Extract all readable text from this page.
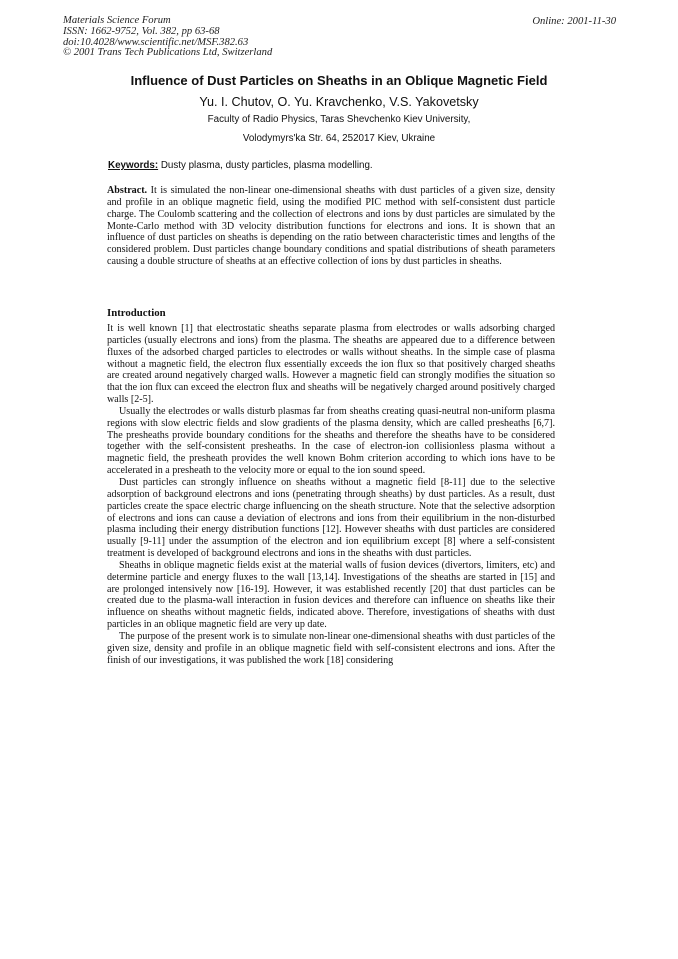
Materials Science Forum
ISSN: 1662-9752, Vol. 382, pp 63-68
doi:10.4028/www.scientific.net/MSF.382.63
© 2001 Trans Tech Publications Ltd, Switzerland
Online: 2001-11-30
Influence of Dust Particles on Sheaths in an Oblique Magnetic Field
Yu. I. Chutov, O. Yu. Kravchenko, V.S. Yakovetsky
Faculty of Radio Physics, Taras Shevchenko Kiev University,
Volodymyrs'ka Str. 64, 252017 Kiev, Ukraine
Keywords: Dusty plasma, dusty particles, plasma modelling.
Abstract. It is simulated the non-linear one-dimensional sheaths with dust particles of a given size, density and profile in an oblique magnetic field, using the modified PIC method with self-consistent dust particle charge. The Coulomb scattering and the collection of electrons and ions by dust particles are simulated by the Monte-Carlo method with 3D velocity distribution functions for electrons and ions. It is shown that an influence of dust particles on sheaths is depending on the ratio between characteristic times and lengths of the considered problem. Dust particles change boundary conditions and spatial distributions of sheath parameters causing a double structure of sheaths at an effective collection of ions by dust particles in sheaths.
Introduction

It is well known [1] that electrostatic sheaths separate plasma from electrodes or walls adsorbing charged particles (usually electrons and ions) from the plasma. The sheaths are appeared due to a difference between fluxes of the adsorbed charged particles to electrodes or walls without sheaths. In the simple case of plasma without a magnetic field, the electron flux essentially exceeds the ion flux so that positively charged sheaths are created around negatively charged walls. However a magnetic field can strongly modifies the situation so that the ion flux can exceed the electron flux and sheaths will be negatively charged around positively charged walls [2-5].

Usually the electrodes or walls disturb plasmas far from sheaths creating quasi-neutral non-uniform plasma regions with slow electric fields and slow gradients of the plasma density, which are called presheaths [6,7]. The presheaths provide boundary conditions for the sheaths and therefore the sheaths have to be considered together with the self-consistent presheaths. In the case of electron-ion collisionless plasma without a magnetic field, the presheath provides the well known Bohm criterion according to which ions have to be accelerated in a presheath to the velocity more or equal to the ion sound speed.

Dust particles can strongly influence on sheaths without a magnetic field [8-11] due to the selective adsorption of background electrons and ions (penetrating through sheaths) by dust particles. As a result, dust particles create the space electric charge influencing on the sheath structure. Note that the selective adsorption of electrons and ions can cause a deviation of electrons and ions from their equilibrium in the non-disturbed plasma including their energy distribution functions [12]. However sheaths with dust particles are considered usually [9-11] under the assumption of the electron and ion equilibrium except [8] where a self-consistent treatment is developed of background electrons and ions in the sheaths with dust particles.

Sheaths in oblique magnetic fields exist at the material walls of fusion devices (divertors, limiters, etc) and determine particle and energy fluxes to the wall [13,14]. Investigations of the sheaths are started in [15] and are prolonged intensively now [16-19]. However, it was established recently [20] that dust particles can be created due to the plasma-wall interaction in fusion devices and therefore can influence on sheaths like their influence on sheaths without magnetic fields, indicated above. Therefore, investigations of sheaths with dust particles in an oblique magnetic field are very up date.

The purpose of the present work is to simulate non-linear one-dimensional sheaths with dust particles of the given size, density and profile in an oblique magnetic field with self-consistent electrons and ions. After the finish of our investigations, it was published the work [18] considering
